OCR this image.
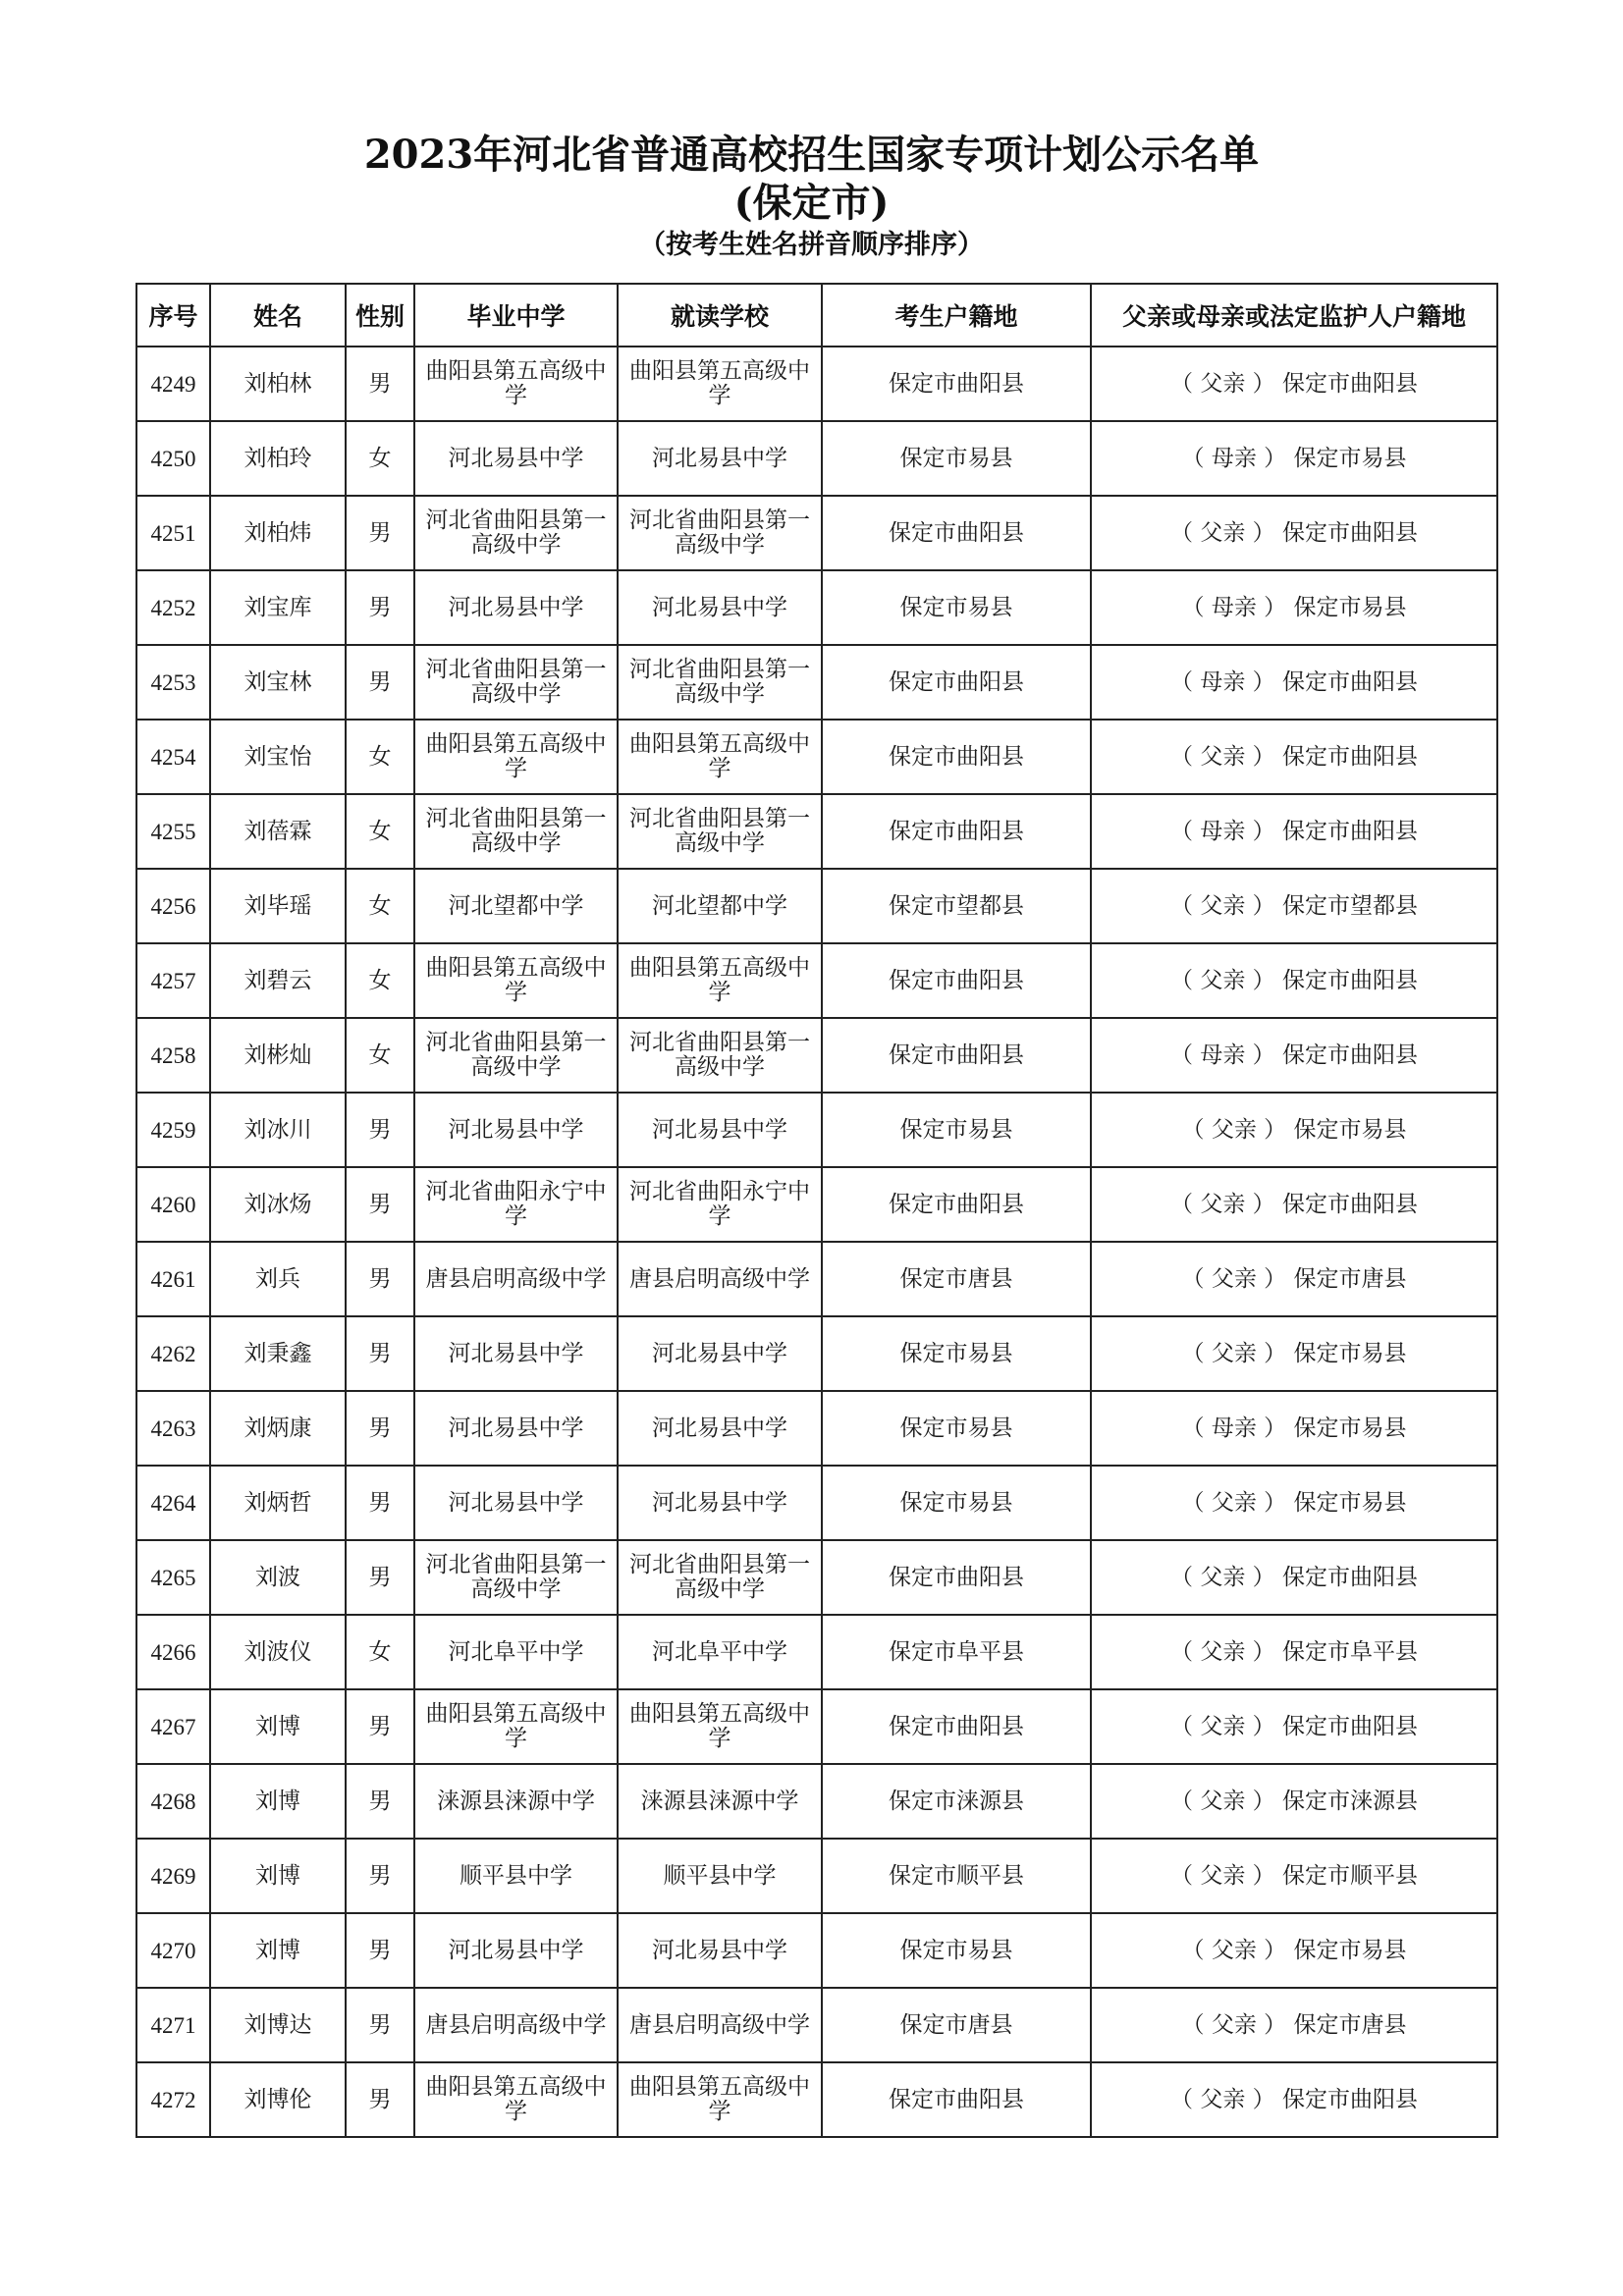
2023年河北省普通高校招生国家专项计划公示名单
(保定市)
（按考生姓名拼音顺序排序）
序号	姓名	性别	毕业中学	就读学校	考生户籍地	父亲或母亲或法定监护人户籍地
4249	刘柏林	男	曲阳县第五高级中学	曲阳县第五高级中学	保定市曲阳县	（ 父亲 ） 保定市曲阳县
4250	刘柏玲	女	河北易县中学	河北易县中学	保定市易县	（ 母亲 ） 保定市易县
4251	刘柏炜	男	河北省曲阳县第一高级中学	河北省曲阳县第一高级中学	保定市曲阳县	（ 父亲 ） 保定市曲阳县
4252	刘宝库	男	河北易县中学	河北易县中学	保定市易县	（ 母亲 ） 保定市易县
4253	刘宝林	男	河北省曲阳县第一高级中学	河北省曲阳县第一高级中学	保定市曲阳县	（ 母亲 ） 保定市曲阳县
4254	刘宝怡	女	曲阳县第五高级中学	曲阳县第五高级中学	保定市曲阳县	（ 父亲 ） 保定市曲阳县
4255	刘蓓霖	女	河北省曲阳县第一高级中学	河北省曲阳县第一高级中学	保定市曲阳县	（ 母亲 ） 保定市曲阳县
4256	刘毕瑶	女	河北望都中学	河北望都中学	保定市望都县	（ 父亲 ） 保定市望都县
4257	刘碧云	女	曲阳县第五高级中学	曲阳县第五高级中学	保定市曲阳县	（ 父亲 ） 保定市曲阳县
4258	刘彬灿	女	河北省曲阳县第一高级中学	河北省曲阳县第一高级中学	保定市曲阳县	（ 母亲 ） 保定市曲阳县
4259	刘冰川	男	河北易县中学	河北易县中学	保定市易县	（ 父亲 ） 保定市易县
4260	刘冰炀	男	河北省曲阳永宁中学	河北省曲阳永宁中学	保定市曲阳县	（ 父亲 ） 保定市曲阳县
4261	刘兵	男	唐县启明高级中学	唐县启明高级中学	保定市唐县	（ 父亲 ） 保定市唐县
4262	刘秉鑫	男	河北易县中学	河北易县中学	保定市易县	（ 父亲 ） 保定市易县
4263	刘炳康	男	河北易县中学	河北易县中学	保定市易县	（ 母亲 ） 保定市易县
4264	刘炳哲	男	河北易县中学	河北易县中学	保定市易县	（ 父亲 ） 保定市易县
4265	刘波	男	河北省曲阳县第一高级中学	河北省曲阳县第一高级中学	保定市曲阳县	（ 父亲 ） 保定市曲阳县
4266	刘波仪	女	河北阜平中学	河北阜平中学	保定市阜平县	（ 父亲 ） 保定市阜平县
4267	刘博	男	曲阳县第五高级中学	曲阳县第五高级中学	保定市曲阳县	（ 父亲 ） 保定市曲阳县
4268	刘博	男	涞源县涞源中学	涞源县涞源中学	保定市涞源县	（ 父亲 ） 保定市涞源县
4269	刘博	男	顺平县中学	顺平县中学	保定市顺平县	（ 父亲 ） 保定市顺平县
4270	刘博	男	河北易县中学	河北易县中学	保定市易县	（ 父亲 ） 保定市易县
4271	刘博达	男	唐县启明高级中学	唐县启明高级中学	保定市唐县	（ 父亲 ） 保定市唐县
4272	刘博伦	男	曲阳县第五高级中学	曲阳县第五高级中学	保定市曲阳县	（ 父亲 ） 保定市曲阳县
